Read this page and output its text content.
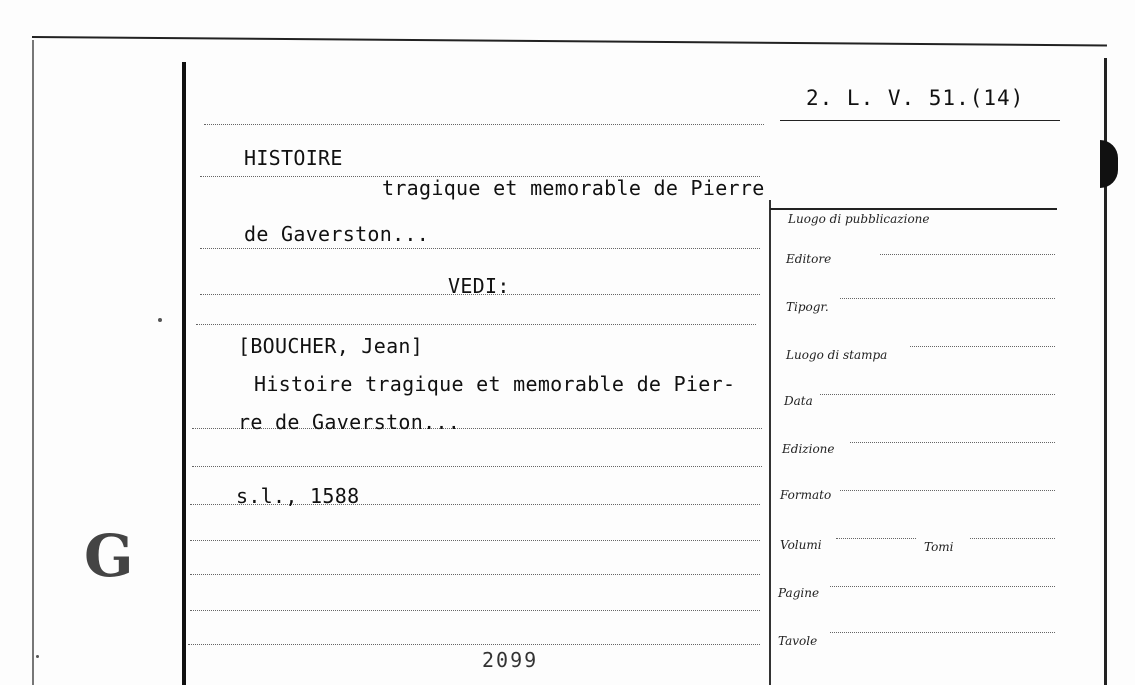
2. L. V. 51.(14)
HISTOIRE
tragique et memorable de Pierre
de Gaverston...
VEDI:
[BOUCHER, Jean]
Histoire tragique et memorable de Pier-
re de Gaverston...
s.l., 1588
G
2099
Luogo di pubblicazione
Editore
Tipogr.
Luogo di stampa
Data
Edizione
Formato
Volumi	Tomi
Pagine
Tavole
